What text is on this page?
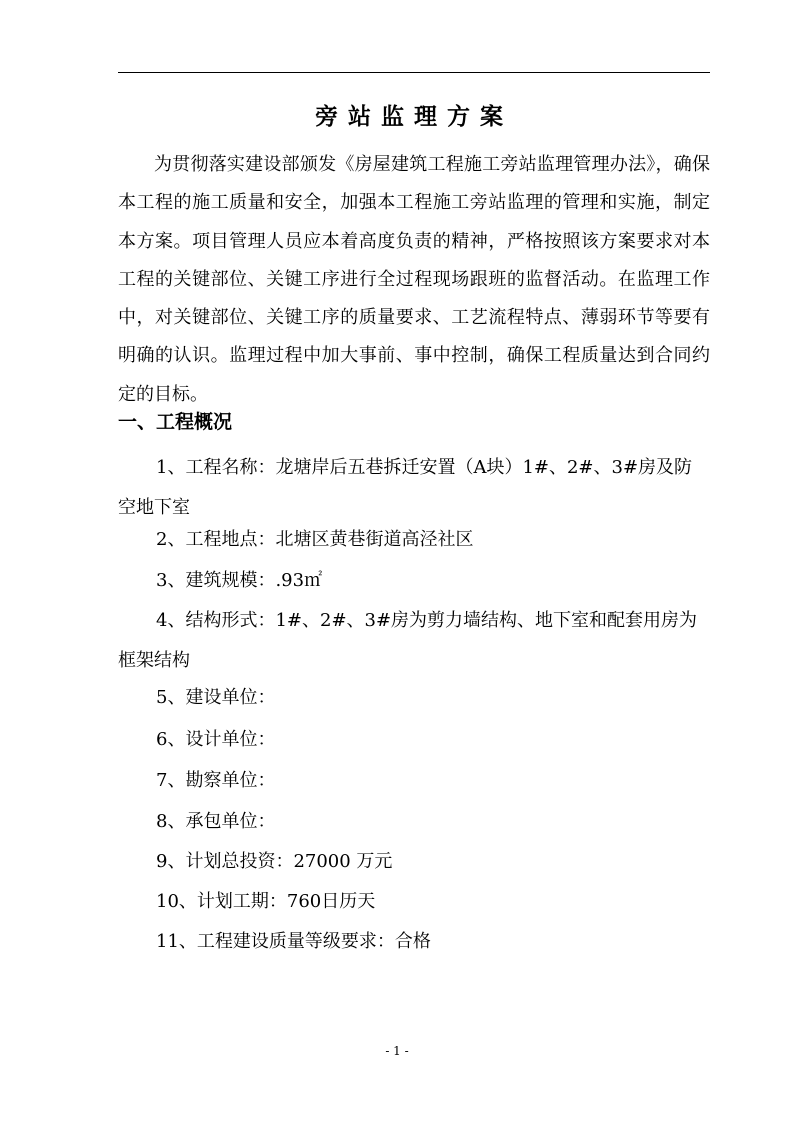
旁站监理方案

为贯彻落实建设部颁发《房屋建筑工程施工旁站监理管理办法》，确保本工程的施工质量和安全，加强本工程施工旁站监理的管理和实施，制定本方案。项目管理人员应本着高度负责的精神，严格按照该方案要求对本工程的关键部位、关键工序进行全过程现场跟班的监督活动。在监理工作中，对关键部位、关键工序的质量要求、工艺流程特点、薄弱环节等要有明确的认识。监理过程中加大事前、事中控制，确保工程质量达到合同约定的目标。

一、工程概况

1、工程名称：龙塘岸后五巷拆迁安置（A块）1#、2#、3#房及防空地下室

2、工程地点：北塘区黄巷街道高泾社区

3、建筑规模：.93㎡

4、结构形式：1#、2#、3#房为剪力墙结构、地下室和配套用房为框架结构

5、建设单位：

6、设计单位：

7、勘察单位：

8、承包单位：

9、计划总投资：27000 万元

10、计划工期：760日历天

11、工程建设质量等级要求：合格

- 1 -
